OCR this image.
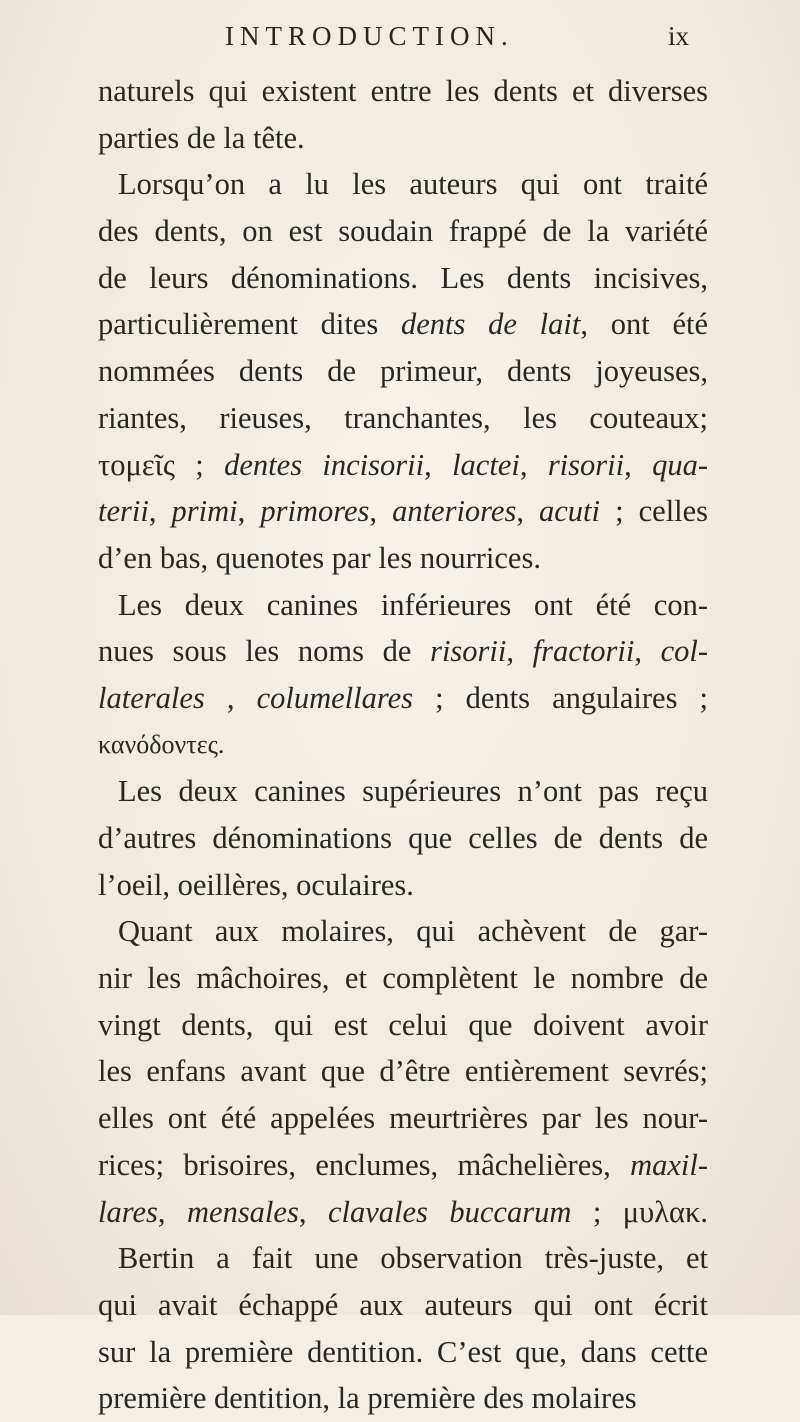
INTRODUCTION.	ix
naturels qui existent entre les dents et diverses
parties de la tête.
Lorsqu’on a lu les auteurs qui ont traité
des dents, on est soudain frappé de la variété
de leurs dénominations. Les dents incisives,
particulièrement dites dents de lait, ont été
nommées dents de primeur, dents joyeuses,
riantes, rieuses, tranchantes, les couteaux;
τομεῖς ; dentes incisorii, lactei, risorii, qua-
terii, primi, primores, anteriores, acuti ; celles
d’en bas, quenotes par les nourrices.
Les deux canines inférieures ont été con-
nues sous les noms de risorii, fractorii, col-
laterales , columellares ; dents angulaires ;
κανόδοντες.
Les deux canines supérieures n’ont pas reçu
d’autres dénominations que celles de dents de
l’oeil, oeillères, oculaires.
Quant aux molaires, qui achèvent de gar-
nir les mâchoires, et complètent le nombre de
vingt dents, qui est celui que doivent avoir
les enfans avant que d’être entièrement sevrés;
elles ont été appelées meurtrières par les nour-
rices; brisoires, enclumes, mâchelières, maxil-
lares, mensales, clavales buccarum ; μυλακ.
Bertin a fait une observation très-juste, et
qui avait échappé aux auteurs qui ont écrit
sur la première dentition. C’est que, dans cette
première dentition, la première des molaires
